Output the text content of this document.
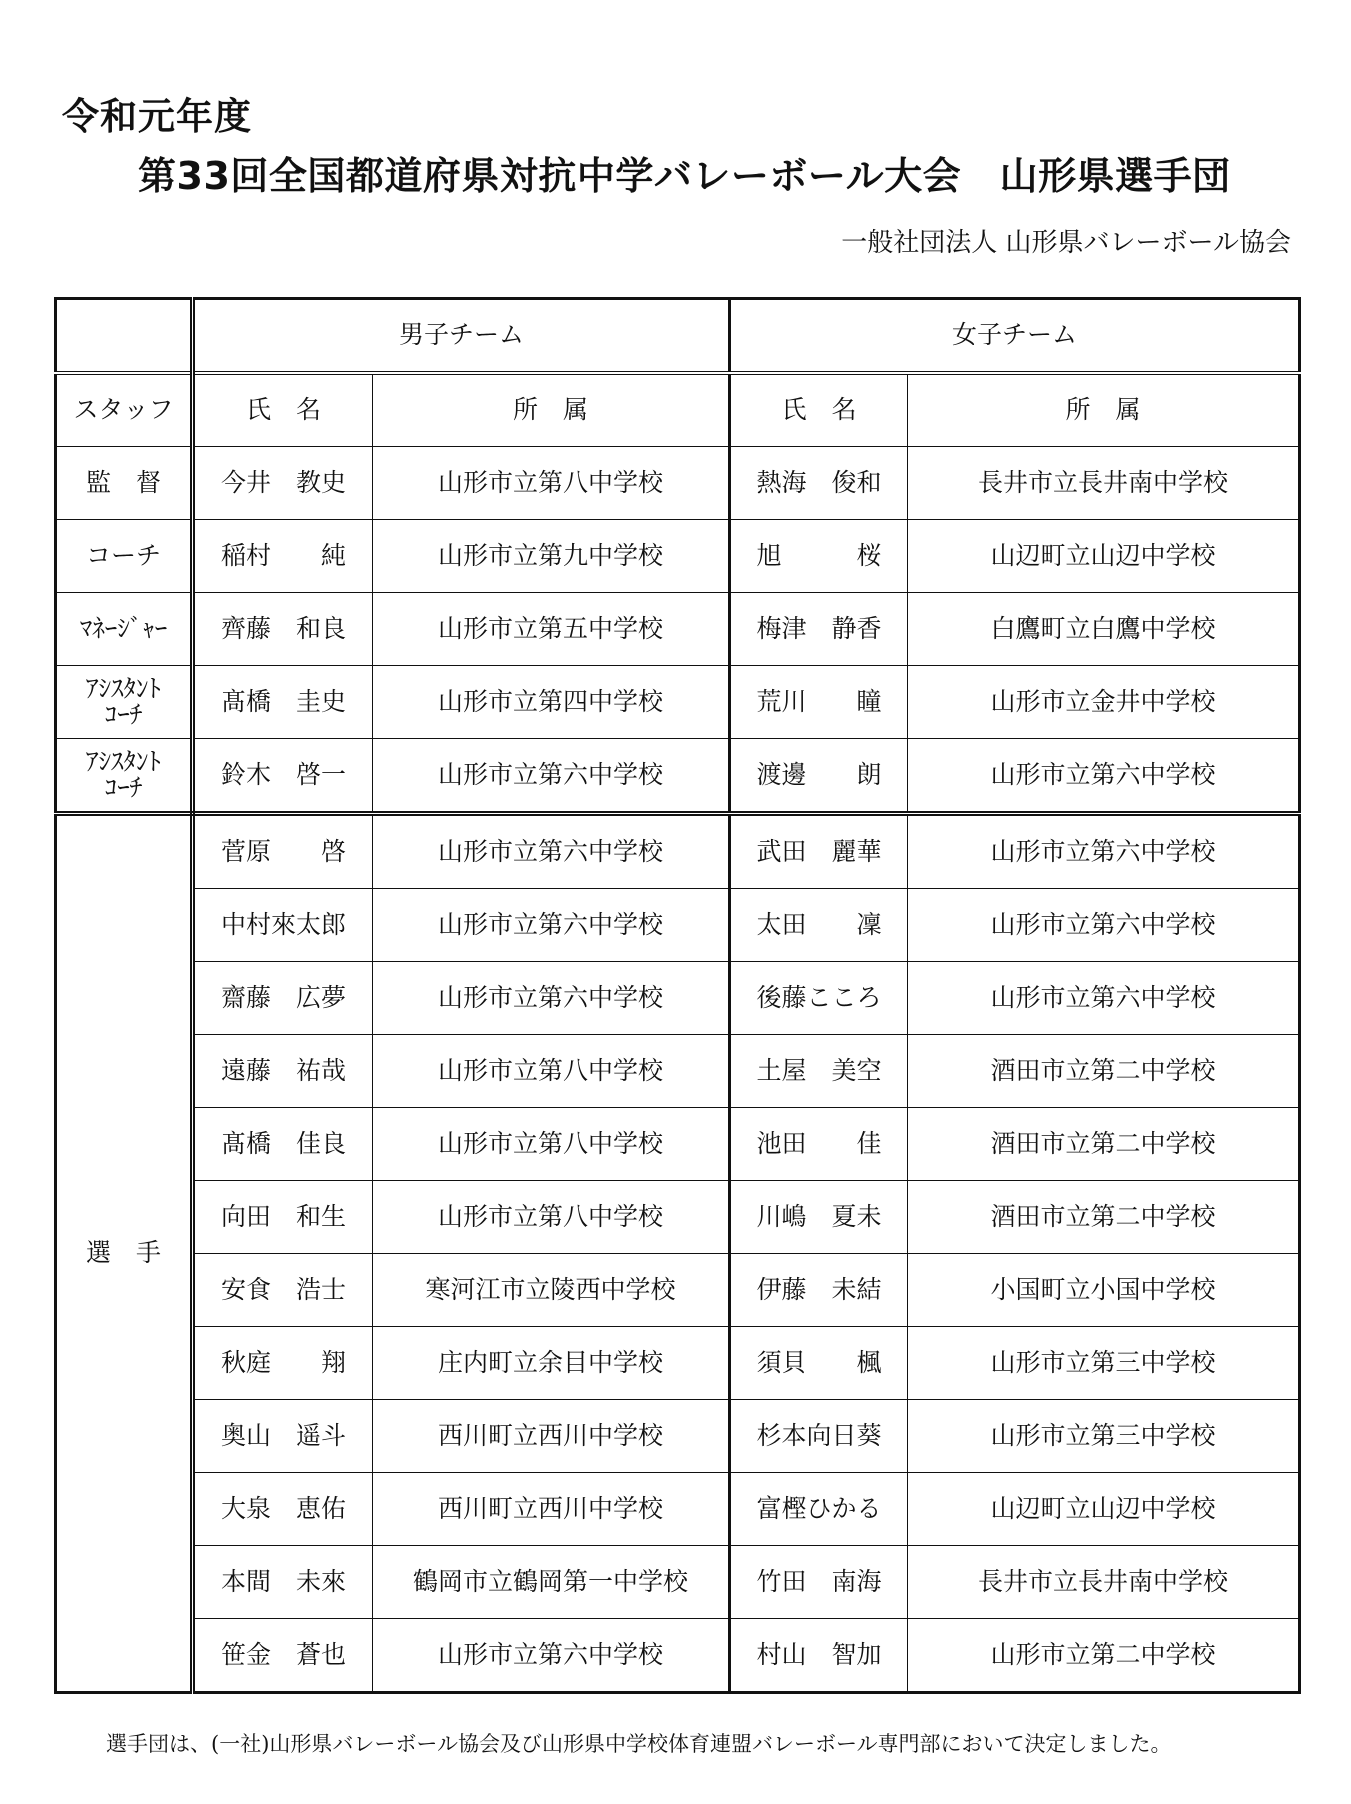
令和元年度
第33回全国都道府県対抗中学バレーボール大会　山形県選手団
一般社団法人 山形県バレーボール協会
	男子チーム		女子チーム	
スタッフ	氏　名	所　属	氏　名	所　属
監　督	今井　教史	山形市立第八中学校	熱海　俊和	長井市立長井南中学校
コーチ	稲村　　純	山形市立第九中学校	旭　　　桜	山辺町立山辺中学校
ﾏﾈｰｼﾞｬｰ	齊藤　和良	山形市立第五中学校	梅津　静香	白鷹町立白鷹中学校
ｱｼｽﾀﾝﾄ
ｺｰﾁ	髙橋　圭史	山形市立第四中学校	荒川　　瞳	山形市立金井中学校
ｱｼｽﾀﾝﾄ
ｺｰﾁ	鈴木　啓一	山形市立第六中学校	渡邊　　朗	山形市立第六中学校
選　手	菅原　　啓	山形市立第六中学校	武田　麗華	山形市立第六中学校
	中村來太郎	山形市立第六中学校	太田　　凜	山形市立第六中学校
	齋藤　広夢	山形市立第六中学校	後藤こころ	山形市立第六中学校
	遠藤　祐哉	山形市立第八中学校	土屋　美空	酒田市立第二中学校
	髙橋　佳良	山形市立第八中学校	池田　　佳	酒田市立第二中学校
	向田　和生	山形市立第八中学校	川嶋　夏未	酒田市立第二中学校
	安食　浩士	寒河江市立陵西中学校	伊藤　未結	小国町立小国中学校
	秋庭　　翔	庄内町立余目中学校	須貝　　楓	山形市立第三中学校
	奥山　遥斗	西川町立西川中学校	杉本向日葵	山形市立第三中学校
	大泉　恵佑	西川町立西川中学校	富樫ひかる	山辺町立山辺中学校
	本間　未來	鶴岡市立鶴岡第一中学校	竹田　南海	長井市立長井南中学校
	笹金　蒼也	山形市立第六中学校	村山　智加	山形市立第二中学校
選手団は、(一社)山形県バレーボール協会及び山形県中学校体育連盟バレーボール専門部において決定しました。
